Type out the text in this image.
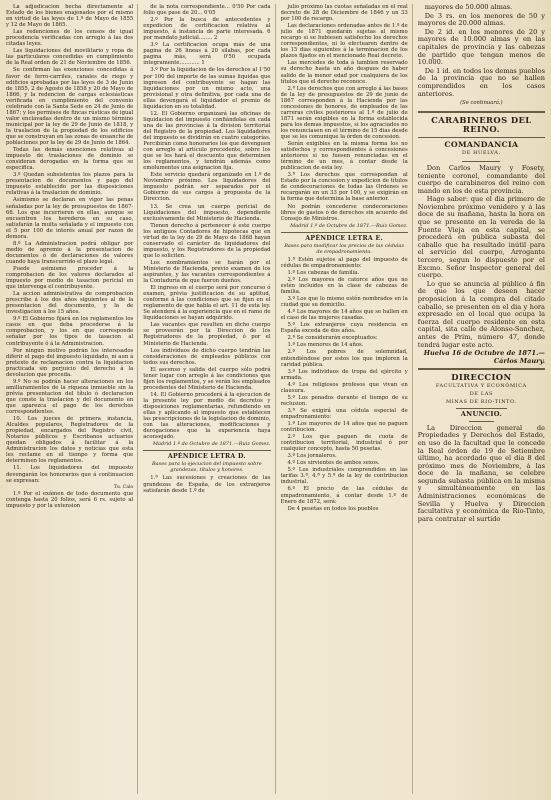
La adjudicacion hecha directamente al Estado de los bienes enajenados por el mismo en virtud de las leyes de 1.º de Mayo de 1855 y 12 de Mayo de 1865.

Las redenciones de los censos de igual procedencia verificadas con arreglo á las dos citadas leyes.

Las liquidaciones del movilitario y ropa de las particulares concedidas en cumplimiento de la Real orden de 21 de Noviembre de 1856.

Se confirman las exenciones concedidas á favor de ferro-carriles, canales de riego y edificios aprobadas por las leyes de 3 de Junio de 1855, 2 de Agosto de 1858 y 20 de Mayo de 1866, y la redencion de cargas eclesiásticas verificada en cumplimiento del convenio celebrado con la Santa Sede en 24 de Junio de 1867; y los permisos de fincas rústicas de igual valor enclavadas dentro de un mismo término municipal por la ley de 29 de Junio de 1818, y la traslacion de la propiedad de los edificios que se construyan en las zonas de ensanche de poblaciones por la ley de 29 de Junio de 1864.

Todas las demás exenciones relativas al impuesto de traslaciones de dominio se consideran derogadas en la forma que se especifica.

3.º Quedan subsistentes los plazos para la presentacion de documentos y pago del impuesto establecido por las disposiciones relativas á la traslacion de dominio.

Asimismo se declaran en vigor las penas señaladas por la ley de presupuestos de 1867-68. Los que incurrieren en ellas, aunque se encuentren los herederos en su caso, satisfarán la multa señalada y el impuesto con el 5 por 100 de interés anual por razon de demora.

8.º La Administracion podrá obligar por medio de apremio á la presentacion de documentos ó de declaraciones de valores cuando haya transcurrido el plazo legal.

Puede asimismo proceder á la comprobacion de los valores declarados al impuesto por medio de tasacion pericial en que intervenga el contribuyente.

La accion administrativa de comprobacion prescribe á los dos años siguientes al de la presentacion del documento, y la de investigacion á los 15 años.

9.º El Gobierno fijará en los reglamentos los casos en que deba procederse á la comprobacion, y los en que corresponde señalar por los tipos de tasacion al contribuyente ó á la Administracion.

Por ningun motivo podrán los interesados diferir el pago del impuesto liquidado, ni aun á pretexto de reclamacion contra la liquidacion practicada sin perjuicio del derecho á la devolucion que proceda.

9.º No se podrán hacer alteraciones en los amillaramientos de la riqueza inmueble sin la prévia presentacion del título ó declaracion que conste la traslacion y del documento en que aparezca el pago de los derechos correspondientes.

10. Los jueces de primera instancia, Alcaldes populares, Registradores de la propiedad, encargados del Registro civil, Notarios públicos y Escribanos actuarios quedan obligados á facilitar á la Administracion los datos y noticias que esta les reclame en el tiempo y forma que determinen los reglamentos.

11. Los liquidadores del impuesto devengarán los honorarios que á continuacion se expresan:

Tu. Calo

1.º Por el exámen de todo documento que contenga hasta 20 folios, será 6 rs. sujeto al impuesto y por la extension

de la nota correspondiente... 0'50 Por cada folio que pase de 20... 0'05

2.º Por la busca de antecedentes y expedicion de certificacion relativa al impuesto, á instancia de parte interesada. 6 por mandato judicial........ 2

3.º La certificacion ocupa más de una pagina de 26 lineas á 20 silabas, por cada pagina más, será 0'50 ocupada integramente............ 1

3.º Por la liquidacion de los derechos al 1'50 por 100 del importe de las sumas liquidas que ingresen del contribuyente se hagan las liquidaciones por un mismo acto, una provisional y otra definitiva, por cada una de ellas devengará el liquidador el premio de liquidacion en su totalidad.

12. El Gobierno organizará las oficinas de liquidacion del impuesto confiándolas en cada una de las provincias á la division territorial del Registro de la propiedad. Los liquidadores del impuesto se dividirán en cuatro categorías. Percibirán como honorarios los que devenguen con arreglo al artículo precedente, sobre los que se les hará el descuento que determinen los reglamentos, y tendrán además como emolumentos una asignacion fija.

Este servicio quedará organizado en 1.º de Noviembre próximo. Los liquidadores del impuesto podrán ser separados por el Gobierno de sus cargos á propuesta de la Direccion.

13. Se crea un cuerpo pericial de Liquidaciones del impuesto, dependiente exclusivamente del Ministerio de Hacienda.

Tienen derecho á pertenecer á este cuerpo los antiguos Contadores de hipotecas que en virtud de la ley de 29 de Mayo de 1868 hayan conservado el carácter de liquidadores del impuesto, y los Registradores de la propiedad que lo soliciten.

Los nombramientos se harán por el Ministerio de Hacienda, previo examen de los aspirantes, y las vacantes correspondientes á la Contaduría de que fueron dueños.

El ingreso en el cuerpo será por concurso ó examen, prévia justificacion de su aptitud, conforme á las condiciones que se fijen en el reglamento de que habla el art. 11 de esta ley. Se atenderá á la experiencia que en el ramo de liquidaciones se hayan adquirido.

Las vacantes que resulten en dicho cuerpo se proveerán por la Direccion de los Registradores de la propiedad, ó por el Ministerio de Hacienda.

Los individuos de dicho cuerpo tendrán las consideraciones de empleados públicos con todos sus derechos.

El ascenso y salida del cuerpo sólo podrá tener lugar con arreglo á las condiciones que fijen los reglamentos, y se verán los empleados procedentes del Ministerio de Hacienda.

14. El Gobierno procederá á la ejecucion de la presente ley por medio de decretos y disposiciones reglamentarias, refundiendo en ellas y aplicando al impuesto que establecen las prescripciones de la legislacion de dominio, con las alteraciones, modificaciones y derogaciones que la experiencia haya aconsejado.

Madrid 1.º de Octubre de 1871.—Ruiz Gomez.
APÉNDICE LETRA D.
Bases para la ejecucion del impuesto sobre grandezas, títulos y honores.

1.ª Las sucesiones y creaciones de las grandezas de España, de los extranjeros satisfarán desde 1.º de

julio próximo las cuotas señaladas en el real decreto de 28 de Diciembre de 1846 y un 33 por 100 de recargo.

Las declaraciones ordenadas antes de 1.º de julio de 1871 quedarán sujetas al mismo recargo si se hubiesen satisfecho los derechos correspondientes, ni lo efectuaren dentro de los 15 dias siguientes á la terminacion de los plazos fijados en el mencionado Real decreto.

Las mercedes de toda á tambien reservado su derecho hasta un año despues de haber salido de la menor edad por cualquiera de los títulos que el derecho reconoce.

2.ª Los derechos que con arreglo á las bases de la ley de presupuestos de 29 de junio de 1867 corresponden á la Hacienda por las concesiones de honores, de empleados de las carreras civiles posteriores al 1.º de julio de 1871 serán exigibles en la forma establecida para los demas impuestos, si los agraciados no los renunciasen en el término de 15 dias desde que se les comunique la órden de concesion.

Serán exigibles en la misma forma los no satisfechos y correspondientes á concesiones anteriores si no fuesen renunciadas en el término de un mes, á contar desde la publicacion de esta ley.

3.ª Los derechos que correspondan al Estado por la concesion y expedicion de títulos de condecoraciones de todas las Ordenes se recargarán en un 33 por 100, y se exigirán en la forma que determina la base anterior.

No podrán concederse condecoraciones libres de gastos ó de derechos sin acuerdo del Consejo de Ministros.

Madrid 1.º de Octubre de 1871.—Ruiz Gomez.
APÉNDICE LETRA E.
Bases para modificar los precios de las cédulas de empadronamiento.

1.ª Estén sujetos al pago del impuesto de cédulas de empadronamiento:

1.º Los cabezas de familia.

2.º Los mayores de catorce años que no estén incluidos en la clase de cabezas de familia.

3.º Los que lo mismo estén nombrados en la ciudad que su domicilio.

4.º Los mayores de 14 años que se hallen en el caso de las mujeres casadas.

5.º Los extranjeros cuya residencia en España exceda de dos años.

2.ª Se considerarán exceptuados:

1.º Los menores de 14 años.

2.º Los pobres de solemnidad, entendiéndose por estos los que imploren la caridad pública.

3.º Los individuos de tropa del ejército y armada.

4.º Los religiosos profesos que vivan en clausura.

5.º Los penados durante el tiempo de su reclusion.

3.ª Se exigirá una cédula especial de empadronamiento:

1.º Los mayores de 14 años que no paguen contribucion.

2.º Los que paguen de cuota de contribucion territorial, industrial ó por cualquier concepto, hasta 50 pesetas.

3.º Los jornaleros.

4.º Los sirvientes de ambos sexos.

5.º Los industriales comprendidos en las tarifas 3.ª, 4.ª y 5.ª de la ley de contribucion industrial.

6.º El precio de las cédulas de empadronamiento, á contar desde 1.º de Enero de 1872, será:

De 4 pesetas en todos los pueblos

mayores de 50.000 almas.

De 3 rs. en los menores de 50 y mayores de 20.000 almas.

De 2 id. en los menores de 20 y mayores de 10.000 almas y en las capitales de provincia y las cabezas de partido que tengan menos de 10.000.

De 1 id. en todos los demas pueblos de la provincia que no se hallen comprendidos en los casos anteriores.

(Se continuará.)
CARABINEROS DEL REINO.
COMANDANCIA
DE HUELVA.

Don Carlos Maury y Fosety, teniente coronel, comandante del cuerpo de carabineros del reino con mando en los de esta provincia.

Hago saber: que el dia primero de Noviembre próximo venidero y á las doce de su mañana, hasta la hora en que se presente en la vereda de la Fuente Vieja en esta capital, se procederá en pública subasta del caballo que ha resultado inútil para el servicio del cuerpo, Arrogante tercero, segun lo dispuesto por el Excmo. Señor Inspector general del cuerpo.

Lo que se anuncia al público á fin de que los que deseen hacer proposicion á la compra del citado caballo, se presenten en el dia y hora expresado en el local que ocupa la fuerza del cuerpo residente en esta capital, sita calle de Alonso-Sanchez, antes de Prim, número 47, donde tendrá lugar este acto.

Huelva 16 de Octubre de 1871.—Cárlos Maury.
DIRECCION
FACULTATIVA Y ECONÓMICA
DE LAS
MINAS DE RIO-TINTO.
ANUNCIO.

La Direccion general de Propiedades y Derechos del Estado, en uso de la facultad que le concede la Real órden de 19 de Setiembre último, ha acordado que el dia 8 del próximo mes de Noviembre, á las doce de la mañana, se celebre segunda subasta pública en la misma y simultáneamente en las Administraciones económicas de Sevilla y Huelva y Direccion facultativa y económica de Rio-Tinto, para contratar el surtido
